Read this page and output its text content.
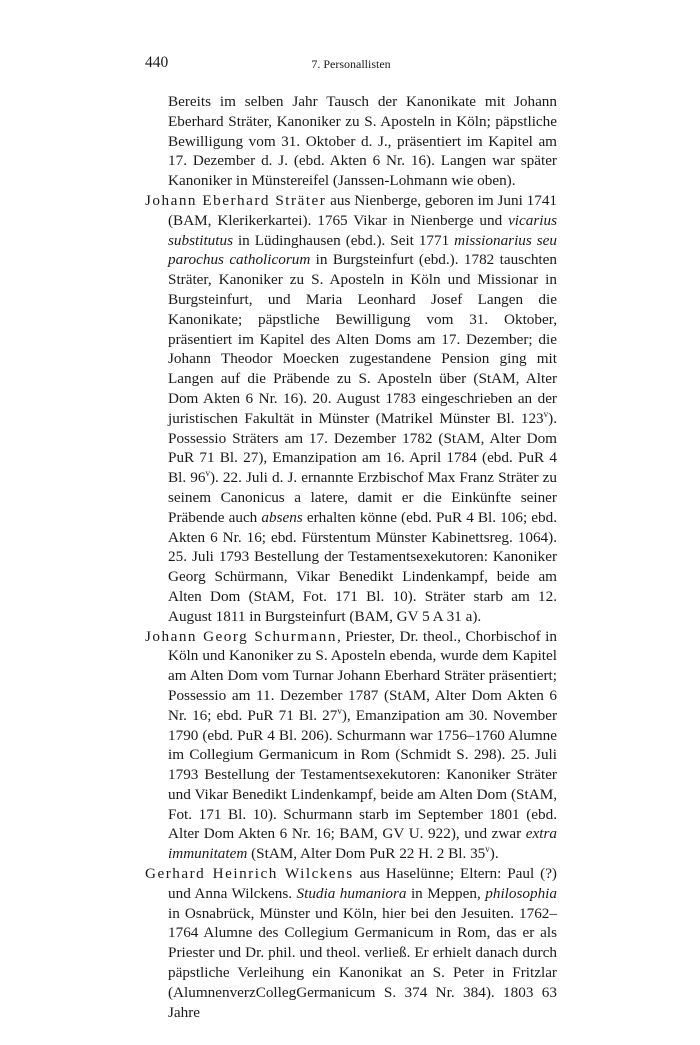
440	7. Personallisten

Bereits im selben Jahr Tausch der Kanonikate mit Johann Eberhard Sträter, Kanoniker zu S. Aposteln in Köln; päpstliche Bewilligung vom 31. Oktober d. J., präsentiert im Kapitel am 17. Dezember d. J. (ebd. Akten 6 Nr. 16). Langen war später Kanoniker in Münstereifel (Janssen-Lohmann wie oben).

Johann Eberhard Sträter aus Nienberge, geboren im Juni 1741 (BAM, Klerikerkartei). 1765 Vikar in Nienberge und vicarius substitutus in Lüdinghausen (ebd.). Seit 1771 missionarius seu parochus catholicorum in Burgsteinfurt (ebd.). 1782 tauschten Sträter, Kanoniker zu S. Aposteln in Köln und Missionar in Burgsteinfurt, und Maria Leonhard Josef Langen die Kanonikate; päpstliche Bewilligung vom 31. Oktober, präsentiert im Kapitel des Alten Doms am 17. Dezember; die Johann Theodor Moecken zugestandene Pension ging mit Langen auf die Präbende zu S. Aposteln über (StAM, Alter Dom Akten 6 Nr. 16). 20. August 1783 eingeschrieben an der juristischen Fakultät in Münster (Matrikel Münster Bl. 123$^v$). Possessio Sträters am 17. Dezember 1782 (StAM, Alter Dom PuR 71 Bl. 27), Emanzipation am 16. April 1784 (ebd. PuR 4 Bl. 96$^v$). 22. Juli d. J. ernannte Erzbischof Max Franz Sträter zu seinem Canonicus a latere, damit er die Einkünfte seiner Präbende auch absens erhalten könne (ebd. PuR 4 Bl. 106; ebd. Akten 6 Nr. 16; ebd. Fürstentum Münster Kabinettsreg. 1064). 25. Juli 1793 Bestellung der Testamentsexekutoren: Kanoniker Georg Schürmann, Vikar Benedikt Lindenkampf, beide am Alten Dom (StAM, Fot. 171 Bl. 10). Sträter starb am 12. August 1811 in Burgsteinfurt (BAM, GV 5 A 31 a).

Johann Georg Schurmann, Priester, Dr. theol., Chorbischof in Köln und Kanoniker zu S. Aposteln ebenda, wurde dem Kapitel am Alten Dom vom Turnar Johann Eberhard Sträter präsentiert; Possessio am 11. Dezember 1787 (StAM, Alter Dom Akten 6 Nr. 16; ebd. PuR 71 Bl. 27$^v$), Emanzipation am 30. November 1790 (ebd. PuR 4 Bl. 206). Schurmann war 1756–1760 Alumne im Collegium Germanicum in Rom (Schmidt S. 298). 25. Juli 1793 Bestellung der Testamentsexekutoren: Kanoniker Sträter und Vikar Benedikt Lindenkampf, beide am Alten Dom (StAM, Fot. 171 Bl. 10). Schurmann starb im September 1801 (ebd. Alter Dom Akten 6 Nr. 16; BAM, GV U. 922), und zwar extra immunitatem (StAM, Alter Dom PuR 22 H. 2 Bl. 35$^v$).

Gerhard Heinrich Wilckens aus Haselünne; Eltern: Paul (?) und Anna Wilckens. Studia humaniora in Meppen, philosophia in Osnabrück, Münster und Köln, hier bei den Jesuiten. 1762–1764 Alumne des Collegium Germanicum in Rom, das er als Priester und Dr. phil. und theol. verließ. Er erhielt danach durch päpstliche Verleihung ein Kanonikat an S. Peter in Fritzlar (AlumnenverzCollegGermanicum S. 374 Nr. 384). 1803 63 Jahre
